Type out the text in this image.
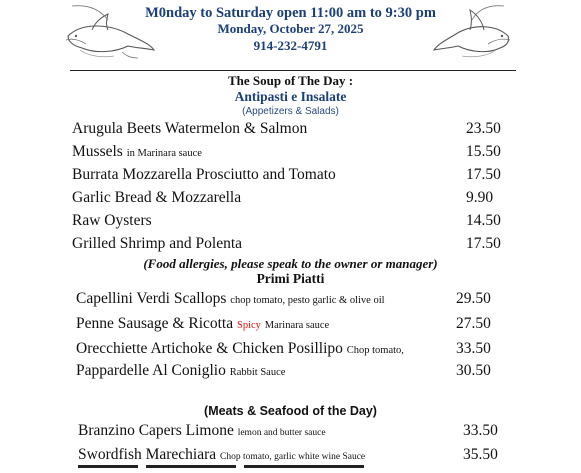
M0nday to Saturday open 11:00 am to 9:30 pm
Monday, October 27, 2025
914-232-4791
The Soup of The Day :
Antipasti e Insalate
(Appetizers & Salads)
Arugula Beets Watermelon & Salmon	23.50
Mussels in Marinara sauce	15.50
Burrata Mozzarella Prosciutto and Tomato	17.50
Garlic Bread & Mozzarella	9.90
Raw Oysters	14.50
Grilled Shrimp and Polenta	17.50
(Food allergies, please speak to the owner or manager)
Primi Piatti
Capellini Verdi Scallops chop tomato, pesto garlic & olive oil	29.50
Penne Sausage & Ricotta Spicy Marinara sauce	27.50
Orecchiette Artichoke & Chicken Posillipo Chop tomato,	33.50
Pappardelle Al Coniglio Rabbit Sauce	30.50
(Meats & Seafood of the Day)
Branzino Capers Limone lemon and butter sauce	33.50
Swordfish Marechiara Chop tomato, garlic white wine Sauce	35.50
